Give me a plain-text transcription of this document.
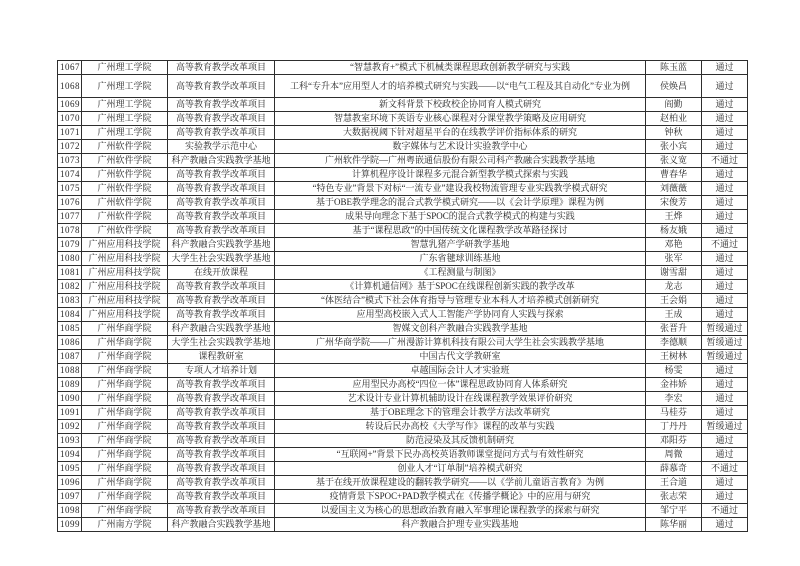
1067	广州理工学院	高等教育教学改革项目	“智慧教育+”模式下机械类课程思政创新教学研究与实践	陈玉蓝	通过
1068	广州理工学院	高等教育教学改革项目	工科“专升本”应用型人才的培养模式研究与实践——以“电气工程及其自动化”专业为例	侯焕昌	通过
1069	广州理工学院	高等教育教学改革项目	新文科背景下校政校企协同育人模式研究	阎勤	通过
1070	广州理工学院	高等教育教学改革项目	智慧教室环境下英语专业核心课程对分课堂教学策略及应用研究	赵柏业	通过
1071	广州理工学院	高等教育教学改革项目	大数据视阈下针对超星平台的在线教学评价指标体系的研究	钟秋	通过
1072	广州软件学院	实验教学示范中心	数字媒体与艺术设计实验教学中心	张小宾	通过
1073	广州软件学院	科产教融合实践教学基地	广州软件学院—广州粤嵌通信股份有限公司科产教融合实践教学基地	张义宽	不通过
1074	广州软件学院	高等教育教学改革项目	计算机程序设计课程多元混合新型教学模式探索与实践	曹春华	通过
1075	广州软件学院	高等教育教学改革项目	“特色专业”背景下对标“一流专业”建设我校物流管理专业实践教学模式研究	刘薇薇	通过
1076	广州软件学院	高等教育教学改革项目	基于OBE教学理念的混合式教学模式研究——以《会计学原理》课程为例	宋俊芳	通过
1077	广州软件学院	高等教育教学改革项目	成果导向理念下基于SPOC的混合式教学模式的构建与实践	王烨	通过
1078	广州软件学院	高等教育教学改革项目	基于“课程思政”的中国传统文化课程教学改革路径探讨	杨友娥	通过
1079	广州应用科技学院	科产教融合实践教学基地	智慧乳猪产学研教学基地	邓艳	不通过
1080	广州应用科技学院	大学生社会实践教学基地	广东省毽球训练基地	张军	通过
1081	广州应用科技学院	在线开放课程	《工程测量与制图》	谢雪甜	通过
1082	广州应用科技学院	高等教育教学改革项目	《计算机通信网》基于SPOC在线课程创新实践的教学改革	龙志	通过
1083	广州应用科技学院	高等教育教学改革项目	“体医结合”模式下社会体育指导与管理专业本科人才培养模式创新研究	王会娟	通过
1084	广州应用科技学院	高等教育教学改革项目	应用型高校嵌入式人工智能产学协同育人实践与探索	王成	通过
1085	广州华商学院	科产教融合实践教学基地	智媒文创科产教融合实践教学基地	张晋升	暂缓通过
1086	广州华商学院	大学生社会实践教学基地	广州华商学院——广州漫游计算机科技有限公司大学生社会实践教学基地	李德顺	暂缓通过
1087	广州华商学院	课程教研室	中国古代文学教研室	王树林	暂缓通过
1088	广州华商学院	专项人才培养计划	卓越国际会计人才实验班	杨雯	通过
1089	广州华商学院	高等教育教学改革项目	应用型民办高校“四位一体”课程思政协同育人体系研究	金祎娇	通过
1090	广州华商学院	高等教育教学改革项目	艺术设计专业计算机辅助设计在线课程教学效果评价研究	李宏	通过
1091	广州华商学院	高等教育教学改革项目	基于OBE理念下的管理会计教学方法改革研究	马桂芬	通过
1092	广州华商学院	高等教育教学改革项目	转设后民办高校《大学写作》课程的改革与实践	丁丹丹	暂缓通过
1093	广州华商学院	高等教育教学改革项目	防范浸染及其反馈机制研究	邓阳芬	通过
1094	广州华商学院	高等教育教学改革项目	“互联网+”背景下民办高校英语教师课堂提问方式与有效性研究	周微	通过
1095	广州华商学院	高等教育教学改革项目	创业人才“订单制”培养模式研究	薛慕奇	不通过
1096	广州华商学院	高等教育教学改革项目	基于在线开放课程建设的翻转教学研究——以《学前儿童语言教育》为例	王合道	通过
1097	广州华商学院	高等教育教学改革项目	疫情背景下SPOC+PAD教学模式在《传播学概论》中的应用与研究	张志荣	通过
1098	广州华商学院	高等教育教学改革项目	以爱国主义为核心的思想政治教育融入军事理论课程教学的探索与研究	邹宁平	不通过
1099	广州南方学院	科产教融合实践教学基地	科产教融合护理专业实践基地	陈华丽	通过
